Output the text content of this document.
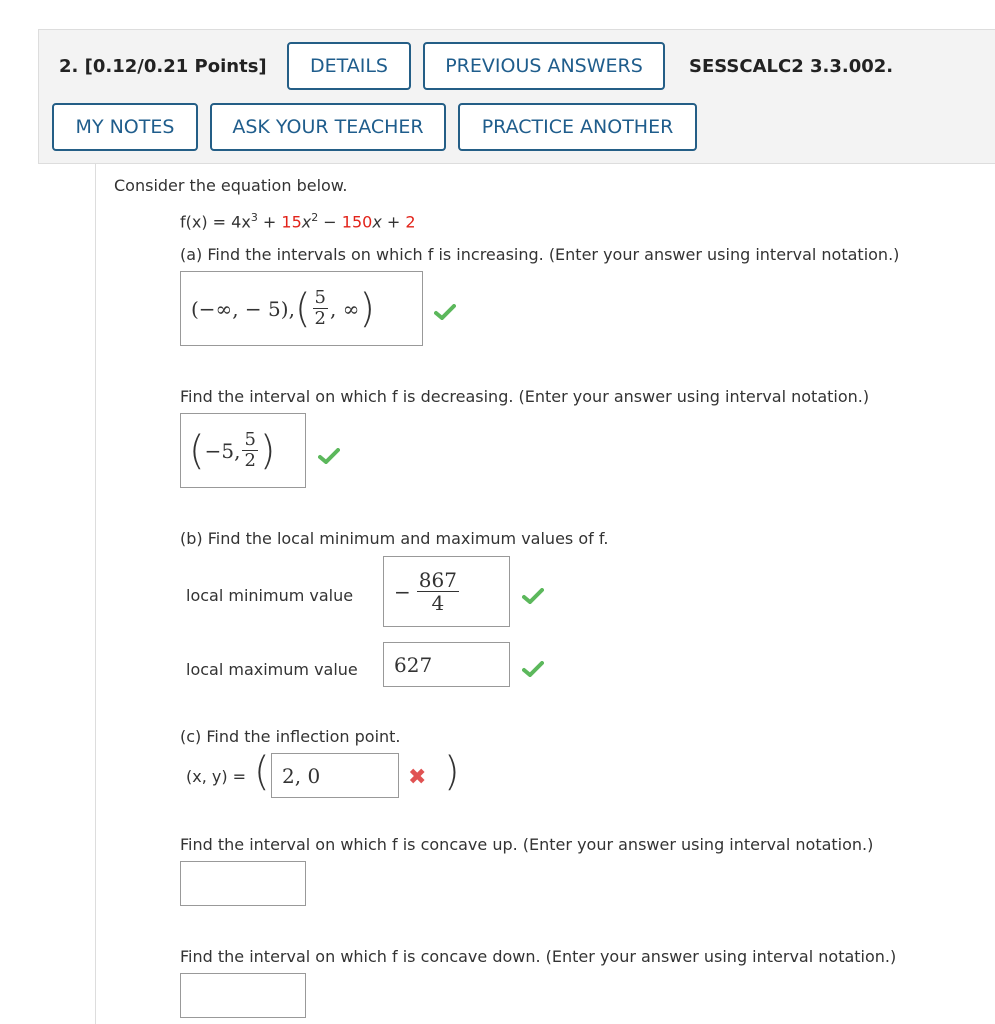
2. [0.12/0.21 Points]	DETAILS	PREVIOUS ANSWERS	SESSCALC2 3.3.002.
MY NOTES	ASK YOUR TEACHER	PRACTICE ANOTHER
Consider the equation below.
$f(x) = 4x^3 + 15x^2 - 150x + 2$
(a) Find the intervals on which f is increasing. (Enter your answer using interval notation.)
(−∞, − 5), ( $\frac{5}{2}$ , ∞ )
Find the interval on which f is decreasing. (Enter your answer using interval notation.)
( −5, $\frac{5}{2}$ )
(b) Find the local minimum and maximum values of f.
local minimum value − $\frac{867}{4}$
local maximum value	627
(c) Find the inflection point.
(x, y) = ( 2, 0	✖ )
Find the interval on which f is concave up. (Enter your answer using interval notation.)
Find the interval on which f is concave down. (Enter your answer using interval notation.)
